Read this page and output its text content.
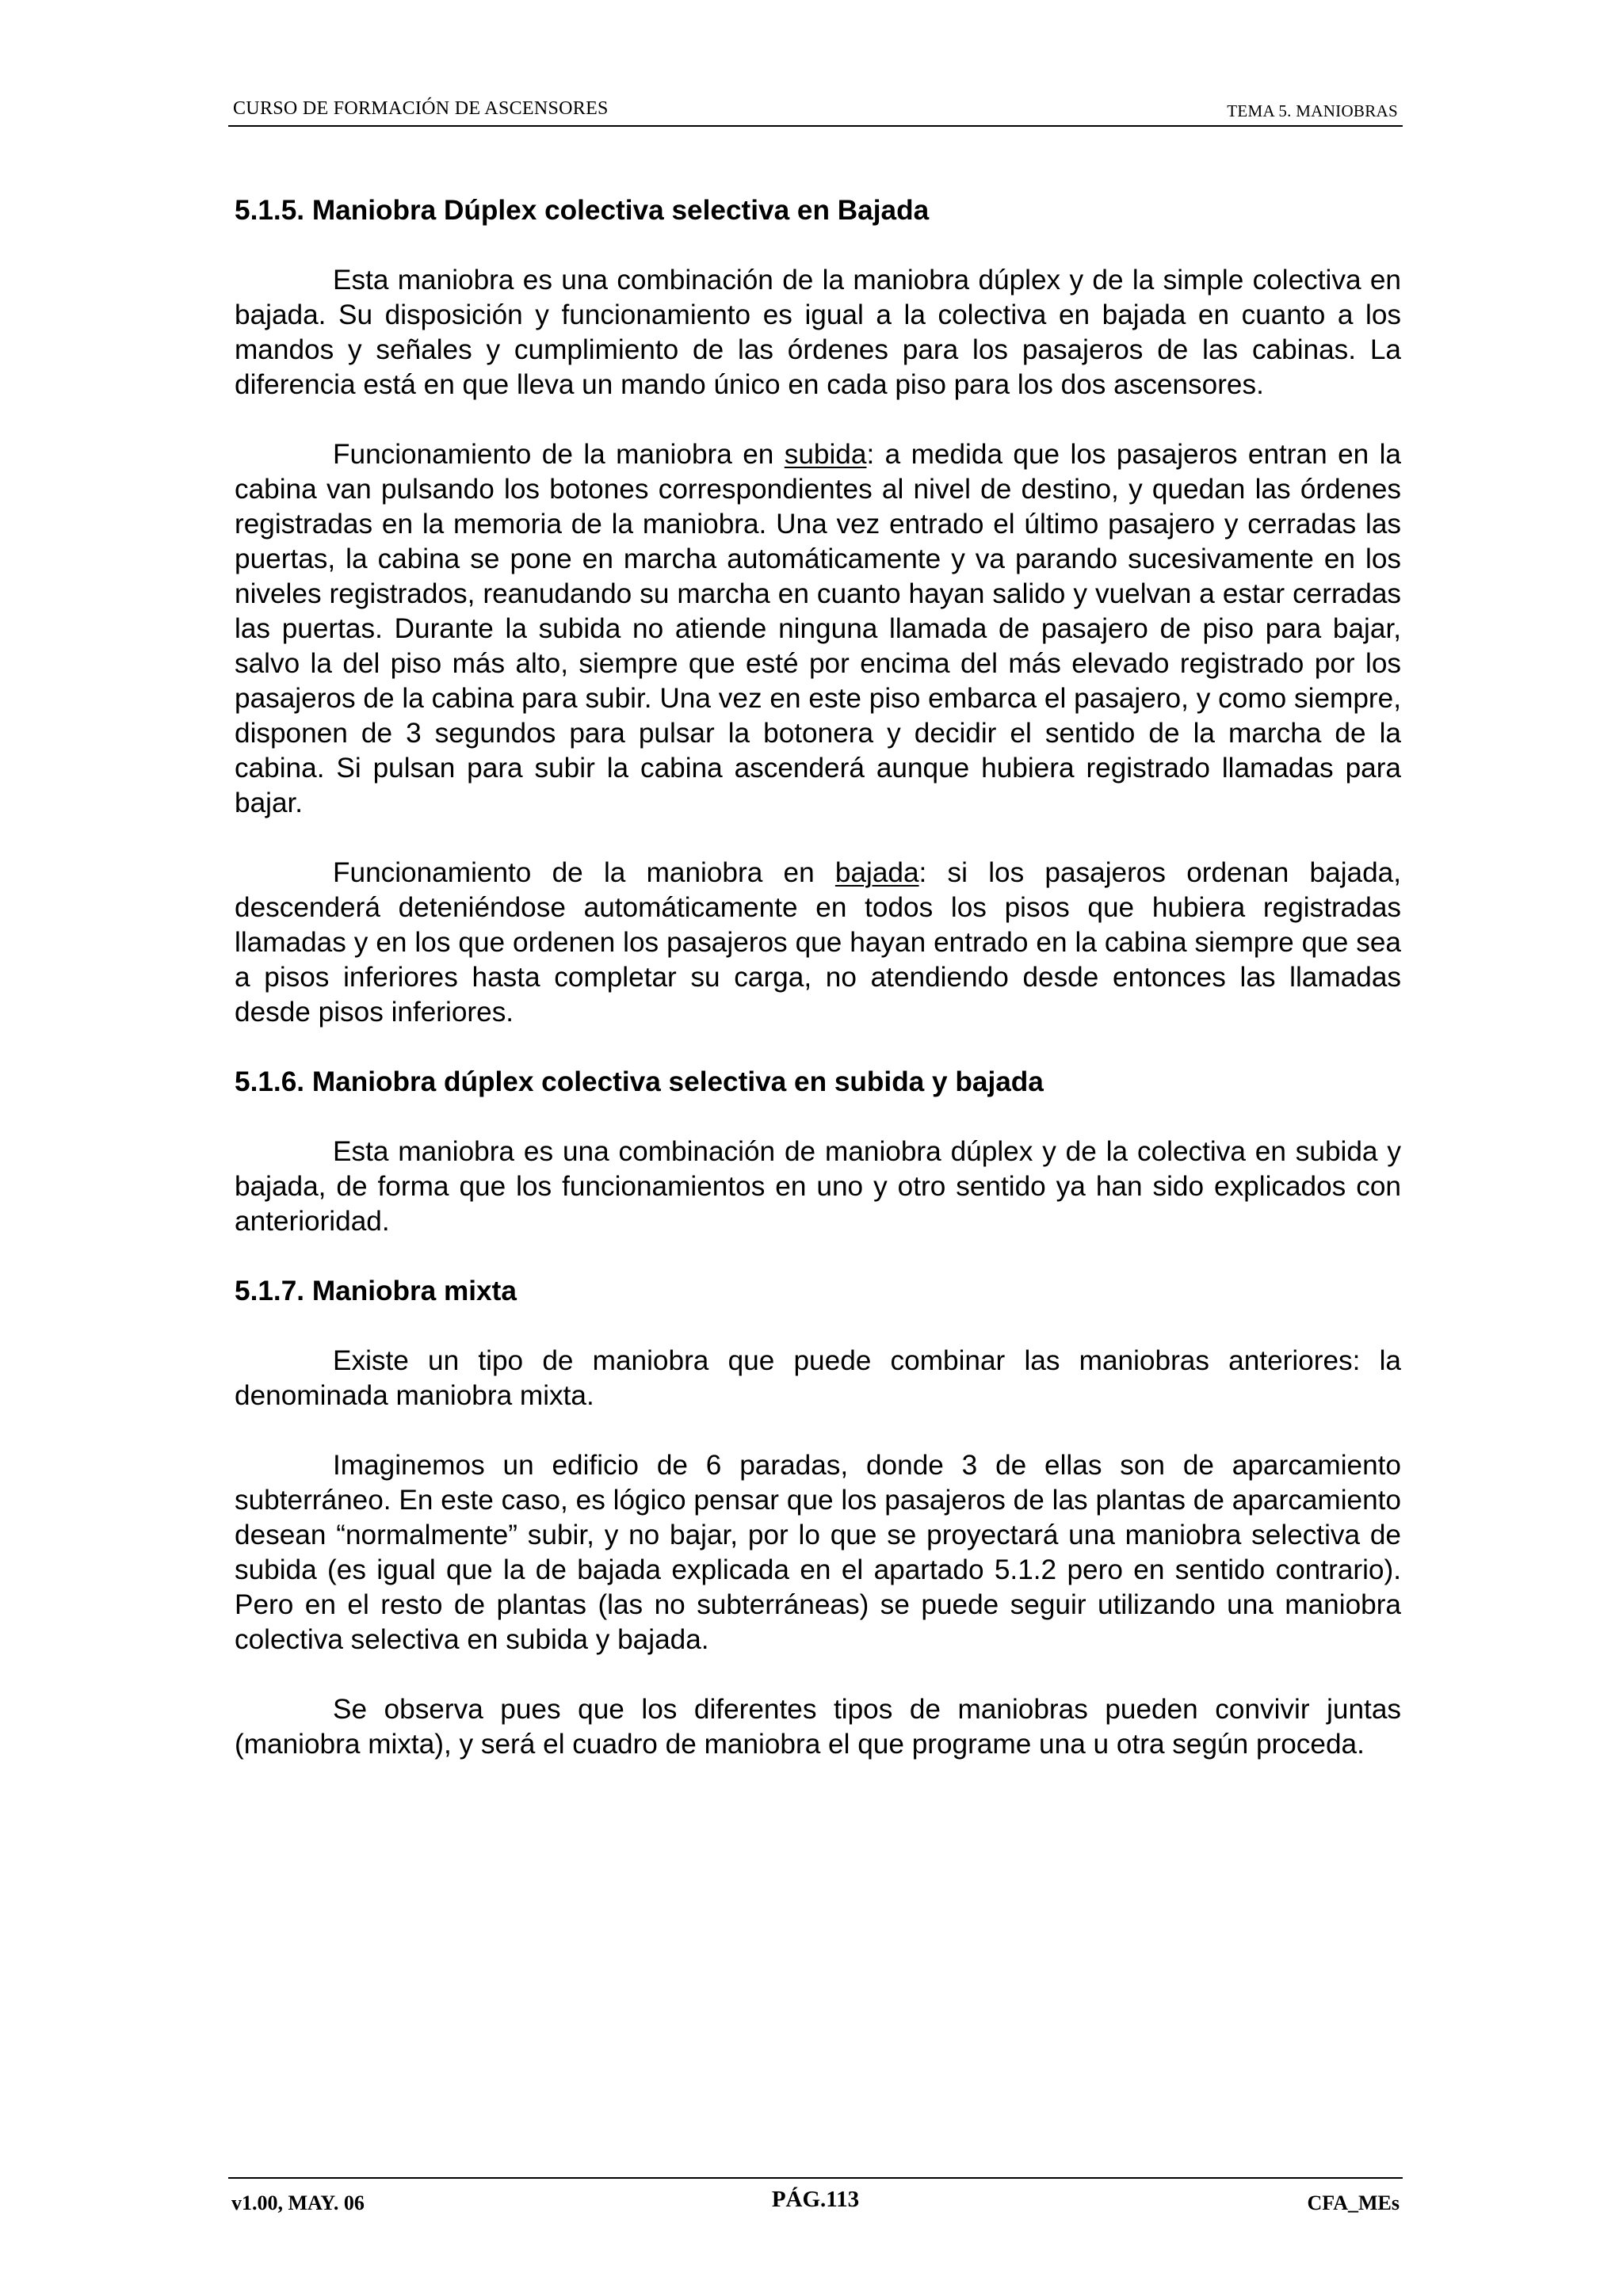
CURSO DE FORMACIÓN DE ASCENSORES	TEMA 5. MANIOBRAS
5.1.5. Maniobra Dúplex colectiva selectiva en Bajada

Esta maniobra es una combinación de la maniobra dúplex y de la simple colectiva en bajada. Su disposición y funcionamiento es igual a la colectiva en bajada en cuanto a los mandos y señales y cumplimiento de las órdenes para los pasajeros de las cabinas. La diferencia está en que lleva un mando único en cada piso para los dos ascensores.

Funcionamiento de la maniobra en subida: a medida que los pasajeros entran en la cabina van pulsando los botones correspondientes al nivel de destino, y quedan las órdenes registradas en la memoria de la maniobra. Una vez entrado el último pasajero y cerradas las puertas, la cabina se pone en marcha automáticamente y va parando sucesivamente en los niveles registrados, reanudando su marcha en cuanto hayan salido y vuelvan a estar cerradas las puertas. Durante la subida no atiende ninguna llamada de pasajero de piso para bajar, salvo la del piso más alto, siempre que esté por encima del más elevado registrado por los pasajeros de la cabina para subir. Una vez en este piso embarca el pasajero, y como siempre, disponen de 3 segundos para pulsar la botonera y decidir el sentido de la marcha de la cabina. Si pulsan para subir la cabina ascenderá aunque hubiera registrado llamadas para bajar.

Funcionamiento de la maniobra en bajada: si los pasajeros ordenan bajada, descenderá deteniéndose automáticamente en todos los pisos que hubiera registradas llamadas y en los que ordenen los pasajeros que hayan entrado en la cabina siempre que sea a pisos inferiores hasta completar su carga, no atendiendo desde entonces las llamadas desde pisos inferiores.

5.1.6. Maniobra dúplex colectiva selectiva en subida y bajada

Esta maniobra es una combinación de maniobra dúplex y de la colectiva en subida y bajada, de forma que los funcionamientos en uno y otro sentido ya han sido explicados con anterioridad.

5.1.7. Maniobra mixta

Existe un tipo de maniobra que puede combinar las maniobras anteriores: la denominada maniobra mixta.

Imaginemos un edificio de 6 paradas, donde 3 de ellas son de aparcamiento subterráneo. En este caso, es lógico pensar que los pasajeros de las plantas de aparcamiento desean “normalmente” subir, y no bajar, por lo que se proyectará una maniobra selectiva de subida (es igual que la de bajada explicada en el apartado 5.1.2 pero en sentido contrario). Pero en el resto de plantas (las no subterráneas) se puede seguir utilizando una maniobra colectiva selectiva en subida y bajada.

Se observa pues que los diferentes tipos de maniobras pueden convivir juntas (maniobra mixta), y será el cuadro de maniobra el que programe una u otra según proceda.

v1.00, MAY. 06	PÁG.113	CFA_MEs
